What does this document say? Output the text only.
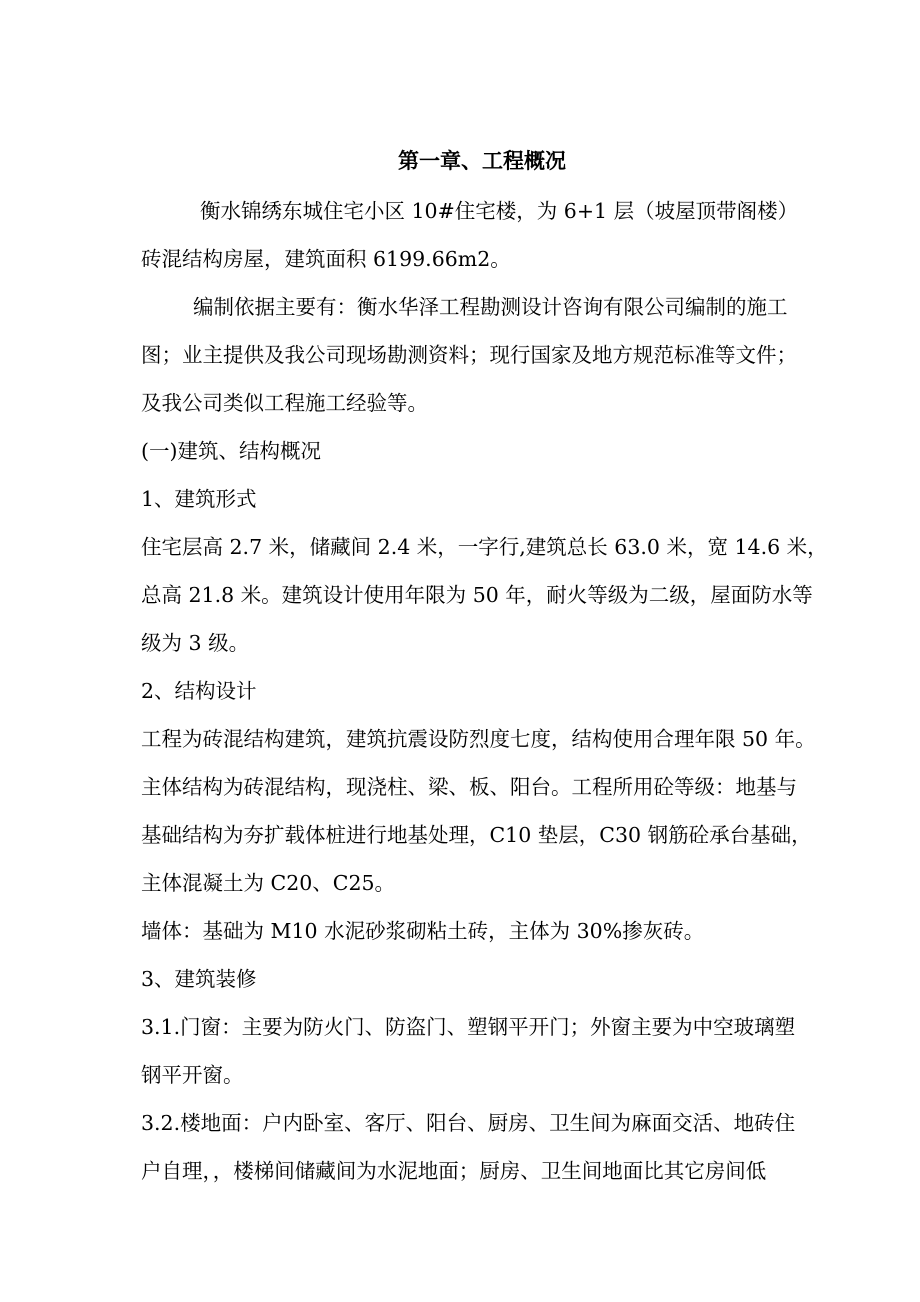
第一章、工程概况
衡水锦绣东城住宅小区 10#住宅楼，为 6+1 层（坡屋顶带阁楼）
砖混结构房屋，建筑面积 6199.66m2。
编制依据主要有：衡水华泽工程勘测设计咨询有限公司编制的施工
图；业主提供及我公司现场勘测资料；现行国家及地方规范标准等文件；
及我公司类似工程施工经验等。
(一)建筑、结构概况
1、建筑形式
住宅层高 2.7 米，储藏间 2.4 米，一字行,建筑总长 63.0 米，宽 14.6 米，
总高 21.8 米。建筑设计使用年限为 50 年，耐火等级为二级，屋面防水等
级为 3 级。
2、结构设计
工程为砖混结构建筑，建筑抗震设防烈度七度，结构使用合理年限 50 年。
主体结构为砖混结构，现浇柱、梁、板、阳台。工程所用砼等级：地基与
基础结构为夯扩载体桩进行地基处理，C10 垫层，C30 钢筋砼承台基础，
主体混凝土为 C20、C25。
墙体：基础为 M10 水泥砂浆砌粘土砖，主体为 30%掺灰砖。
3、建筑装修
3.1.门窗：主要为防火门、防盗门、塑钢平开门；外窗主要为中空玻璃塑
钢平开窗。
3.2.楼地面：户内卧室、客厅、阳台、厨房、卫生间为麻面交活、地砖住
户自理，，楼梯间储藏间为水泥地面；厨房、卫生间地面比其它房间低
